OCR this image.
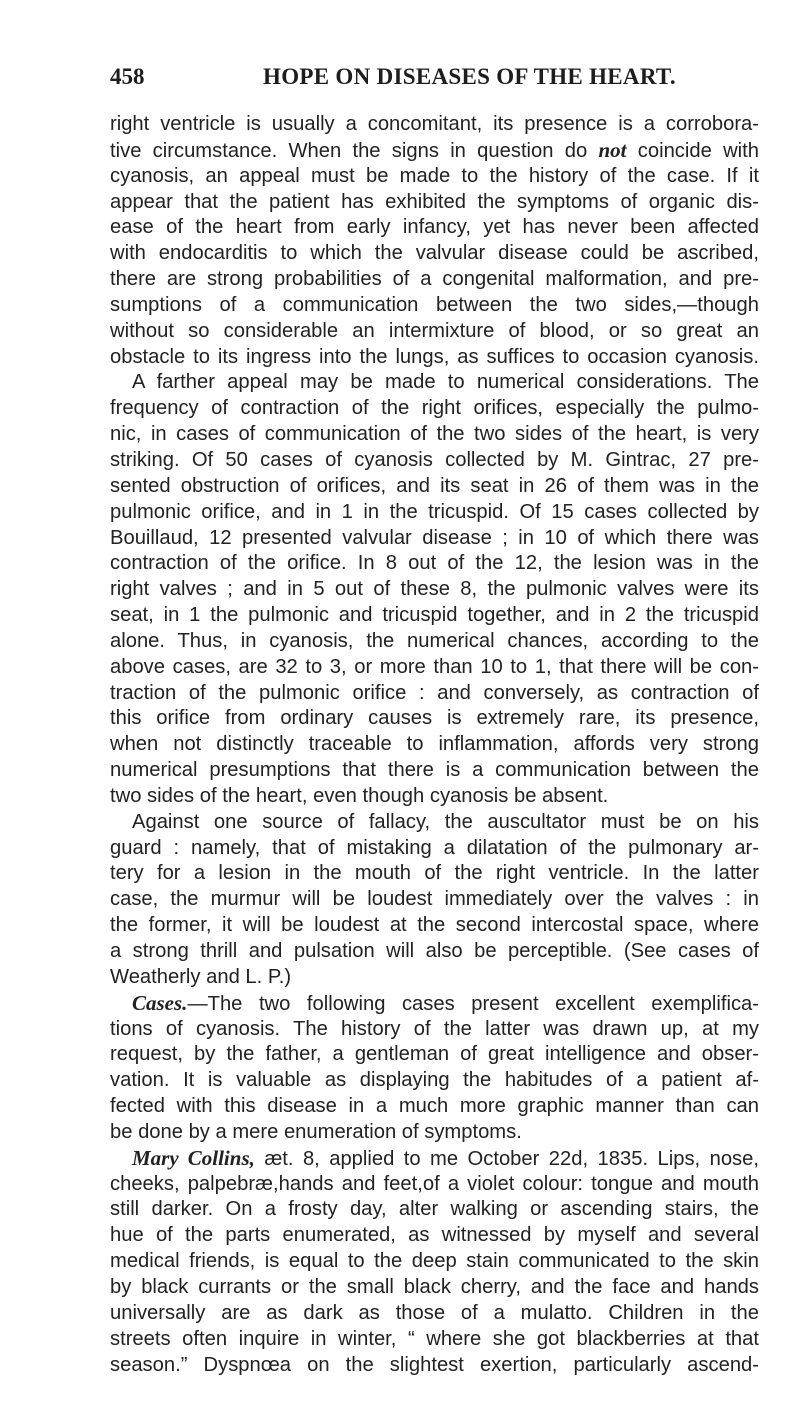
458	HOPE ON DISEASES OF THE HEART.
right ventricle is usually a concomitant, its presence is a corrobora-
tive circumstance. When the signs in question do not coincide with
cyanosis, an appeal must be made to the history of the case. If it
appear that the patient has exhibited the symptoms of organic dis-
ease of the heart from early infancy, yet has never been affected
with endocarditis to which the valvular disease could be ascribed,
there are strong probabilities of a congenital malformation, and pre-
sumptions of a communication between the two sides,—though
without so considerable an intermixture of blood, or so great an
obstacle to its ingress into the lungs, as suffices to occasion cyanosis.
A farther appeal may be made to numerical considerations. The
frequency of contraction of the right orifices, especially the pulmo-
nic, in cases of communication of the two sides of the heart, is very
striking. Of 50 cases of cyanosis collected by M. Gintrac, 27 pre-
sented obstruction of orifices, and its seat in 26 of them was in the
pulmonic orifice, and in 1 in the tricuspid. Of 15 cases collected by
Bouillaud, 12 presented valvular disease ; in 10 of which there was
contraction of the orifice. In 8 out of the 12, the lesion was in the
right valves ; and in 5 out of these 8, the pulmonic valves were its
seat, in 1 the pulmonic and tricuspid together, and in 2 the tricuspid
alone. Thus, in cyanosis, the numerical chances, according to the
above cases, are 32 to 3, or more than 10 to 1, that there will be con-
traction of the pulmonic orifice : and conversely, as contraction of
this orifice from ordinary causes is extremely rare, its presence,
when not distinctly traceable to inflammation, affords very strong
numerical presumptions that there is a communication between the
two sides of the heart, even though cyanosis be absent.
Against one source of fallacy, the auscultator must be on his
guard : namely, that of mistaking a dilatation of the pulmonary ar-
tery for a lesion in the mouth of the right ventricle. In the latter
case, the murmur will be loudest immediately over the valves : in
the former, it will be loudest at the second intercostal space, where
a strong thrill and pulsation will also be perceptible. (See cases of
Weatherly and L. P.)
Cases.—The two following cases present excellent exemplifica-
tions of cyanosis. The history of the latter was drawn up, at my
request, by the father, a gentleman of great intelligence and obser-
vation. It is valuable as displaying the habitudes of a patient af-
fected with this disease in a much more graphic manner than can
be done by a mere enumeration of symptoms.
Mary Collins, æt. 8, applied to me October 22d, 1835. Lips, nose,
cheeks, palpebræ,hands and feet,of a violet colour: tongue and mouth
still darker. On a frosty day, alter walking or ascending stairs, the
hue of the parts enumerated, as witnessed by myself and several
medical friends, is equal to the deep stain communicated to the skin
by black currants or the small black cherry, and the face and hands
universally are as dark as those of a mulatto. Children in the
streets often inquire in winter, “ where she got blackberries at that
season.” Dyspnœa on the slightest exertion, particularly ascend-
